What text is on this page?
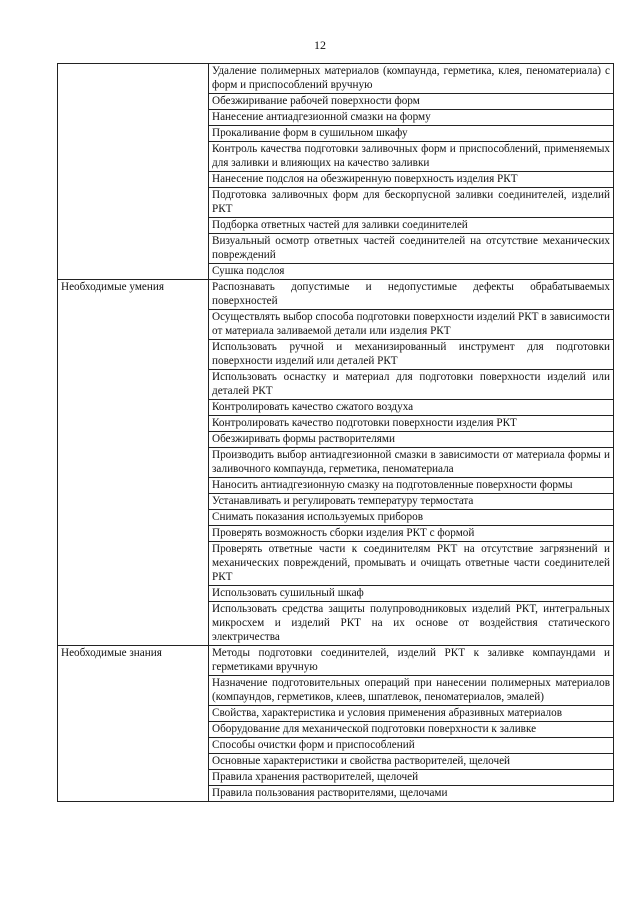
12
	Удаление полимерных материалов (компаунда, герметика, клея, пеноматериала) с форм и приспособлений вручную
	Обезжиривание рабочей поверхности форм
	Нанесение антиадгезионной смазки на форму
	Прокаливание форм в сушильном шкафу
	Контроль качества подготовки заливочных форм и приспособлений, применяемых для заливки и влияющих на качество заливки
	Нанесение подслоя на обезжиренную поверхность изделия РКТ
	Подготовка заливочных форм для бескорпусной заливки соединителей, изделий РКТ
	Подборка ответных частей для заливки соединителей
	Визуальный осмотр ответных частей соединителей на отсутствие механических повреждений
	Сушка подслоя
Необходимые умения	Распознавать допустимые и недопустимые дефекты обрабатываемых поверхностей
	Осуществлять выбор способа подготовки поверхности изделий РКТ в зависимости от материала заливаемой детали или изделия РКТ
	Использовать ручной и механизированный инструмент для подготовки поверхности изделий или деталей РКТ
	Использовать оснастку и материал для подготовки поверхности изделий или деталей РКТ
	Контролировать качество сжатого воздуха
	Контролировать качество подготовки поверхности изделия РКТ
	Обезжиривать формы растворителями
	Производить выбор антиадгезионной смазки в зависимости от материала формы и заливочного компаунда, герметика, пеноматериала
	Наносить антиадгезионную смазку на подготовленные поверхности формы
	Устанавливать и регулировать температуру термостата
	Снимать показания используемых приборов
	Проверять возможность сборки изделия РКТ с формой
	Проверять ответные части к соединителям РКТ на отсутствие загрязнений и механических повреждений, промывать и очищать ответные части соединителей РКТ
	Использовать сушильный шкаф
	Использовать средства защиты полупроводниковых изделий РКТ, интегральных микросхем и изделий РКТ на их основе от воздействия статического электричества
Необходимые знания	Методы подготовки соединителей, изделий РКТ к заливке компаундами и герметиками вручную
	Назначение подготовительных операций при нанесении полимерных материалов (компаундов, герметиков, клеев, шпатлевок, пеноматериалов, эмалей)
	Свойства, характеристика и условия применения абразивных материалов
	Оборудование для механической подготовки поверхности к заливке
	Способы очистки форм и приспособлений
	Основные характеристики и свойства растворителей, щелочей
	Правила хранения растворителей, щелочей
	Правила пользования растворителями, щелочами
